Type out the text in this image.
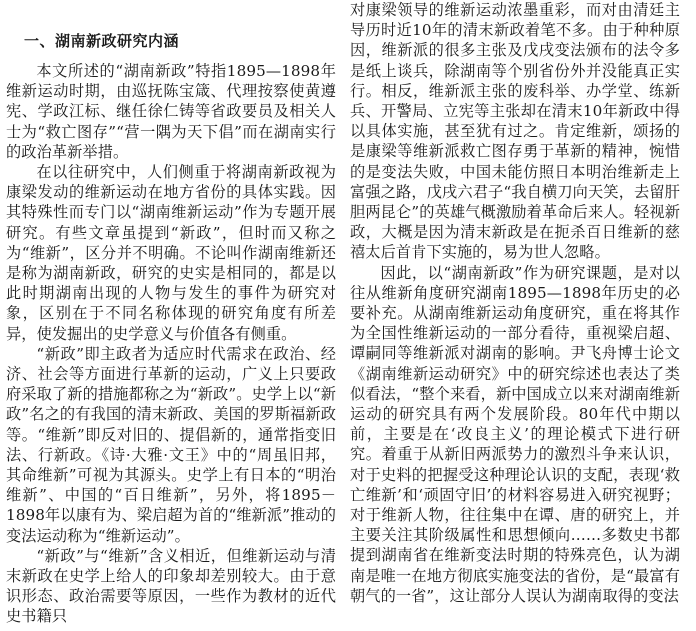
一、湖南新政研究内涵

本文所述的“湖南新政”特指1895—1898年维新运动时期，由巡抚陈宝箴、代理按察使黄遵宪、学政江标、继任徐仁铸等省政要员及相关人士为“救亡图存”“营一隅为天下倡”而在湖南实行的政治革新举措。

在以往研究中，人们侧重于将湖南新政视为康梁发动的维新运动在地方省份的具体实践。因其特殊性而专门以“湖南维新运动”作为专题开展研究。有些文章虽提到“新政”，但时而又称之为“维新”，区分并不明确。不论叫作湖南维新还是称为湖南新政，研究的史实是相同的，都是以此时期湖南出现的人物与发生的事件为研究对象，区别在于不同名称体现的研究角度有所差异，使发掘出的史学意义与价值各有侧重。

“新政”即主政者为适应时代需求在政治、经济、社会等方面进行革新的运动，广义上只要政府采取了新的措施都称之为“新政”。史学上以“新政”名之的有我国的清末新政、美国的罗斯福新政等。“维新”即反对旧的、提倡新的，通常指变旧法、行新政。《诗·大雅·文王》中的“周虽旧邦，其命维新”可视为其源头。史学上有日本的“明治维新”、中国的“百日维新”，另外，将1895－1898年以康有为、梁启超为首的“维新派”推动的变法运动称为“维新运动”。

“新政”与“维新”含义相近，但维新运动与清末新政在史学上给人的印象却差别较大。由于意识形态、政治需要等原因，一些作为教材的近代史书籍只

对康梁领导的维新运动浓墨重彩，而对由清廷主导历时近10年的清末新政着笔不多。由于种种原因，维新派的很多主张及戊戌变法颁布的法令多是纸上谈兵，除湖南等个别省份外并没能真正实行。相反，维新派主张的废科举、办学堂、练新兵、开警局、立宪等主张却在清末10年新政中得以具体实施，甚至犹有过之。肯定维新，颂扬的是康梁等维新派救亡图存勇于革新的精神，惋惜的是变法失败，中国未能仿照日本明治维新走上富强之路，戊戌六君子“我自横刀向天笑，去留肝胆两昆仑”的英雄气概激励着革命后来人。轻视新政，大概是因为清末新政是在扼杀百日维新的慈禧太后首肯下实施的，易为世人忽略。

因此，以“湖南新政”作为研究课题，是对以往从维新角度研究湖南1895—1898年历史的必要补充。从湖南维新运动角度研究，重在将其作为全国性维新运动的一部分看待，重视梁启超、谭嗣同等维新派对湖南的影响。尹飞舟博士论文《湖南维新运动研究》中的研究综述也表达了类似看法，“整个来看，新中国成立以来对湖南维新运动的研究具有两个发展阶段。80年代中期以前，主要是在‘改良主义’的理论模式下进行研究。着重于从新旧两派势力的激烈斗争来认识，对于史料的把握受这种理论认识的支配，表现‘救亡维新’和‘顽固守旧’的材料容易进入研究视野；对于维新人物，往往集中在谭、唐的研究上，并主要关注其阶级属性和思想倾向……多数史书都提到湖南省在维新变法时期的特殊亮色，认为湖南是唯一在地方彻底实施变法的省份，是“最富有朝气的一省”，这让部分人误认为湖南取得的变法
